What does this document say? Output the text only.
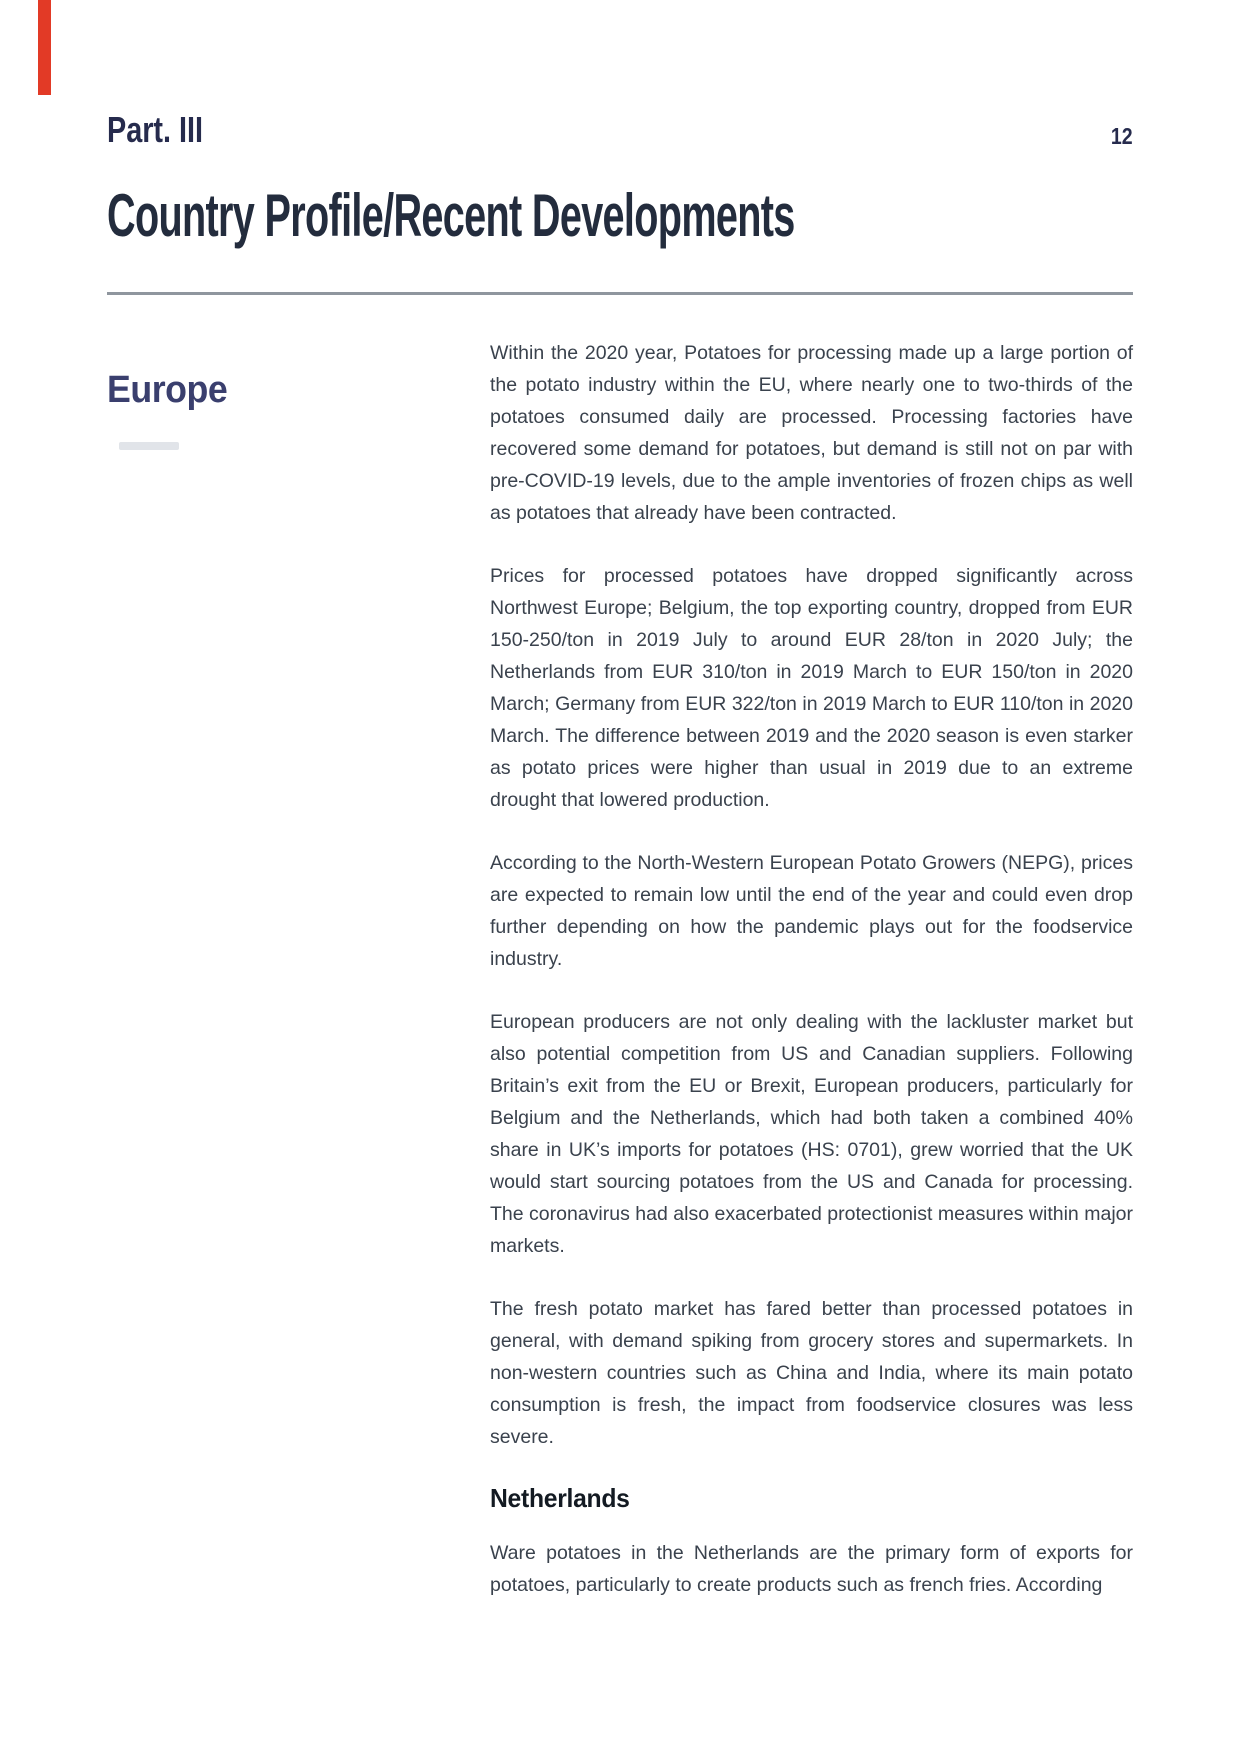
Part. III	12
Country Profile/Recent Developments
Europe

Within the 2020 year, Potatoes for processing made up a large portion of the potato industry within the EU, where nearly one to two-thirds of the potatoes consumed daily are processed. Processing factories have recovered some demand for potatoes, but demand is still not on par with pre-COVID-19 levels, due to the ample inventories of frozen chips as well as potatoes that already have been contracted.

Prices for processed potatoes have dropped significantly across Northwest Europe; Belgium, the top exporting country, dropped from EUR 150-250/ton in 2019 July to around EUR 28/ton in 2020 July; the Netherlands from EUR 310/ton in 2019 March to EUR 150/ton in 2020 March; Germany from EUR 322/ton in 2019 March to EUR 110/ton in 2020 March. The difference between 2019 and the 2020 season is even starker as potato prices were higher than usual in 2019 due to an extreme drought that lowered production.

According to the North-Western European Potato Growers (NEPG), prices are expected to remain low until the end of the year and could even drop further depending on how the pandemic plays out for the foodservice industry.

European producers are not only dealing with the lackluster market but also potential competition from US and Canadian suppliers. Following Britain’s exit from the EU or Brexit, European producers, particularly for Belgium and the Netherlands, which had both taken a combined 40% share in UK’s imports for potatoes (HS: 0701), grew worried that the UK would start sourcing potatoes from the US and Canada for processing. The coronavirus had also exacerbated protectionist measures within major markets.

The fresh potato market has fared better than processed potatoes in general, with demand spiking from grocery stores and supermarkets. In non-western countries such as China and India, where its main potato consumption is fresh, the impact from foodservice closures was less severe.

Netherlands

Ware potatoes in the Netherlands are the primary form of exports for potatoes, particularly to create products such as french fries. According
